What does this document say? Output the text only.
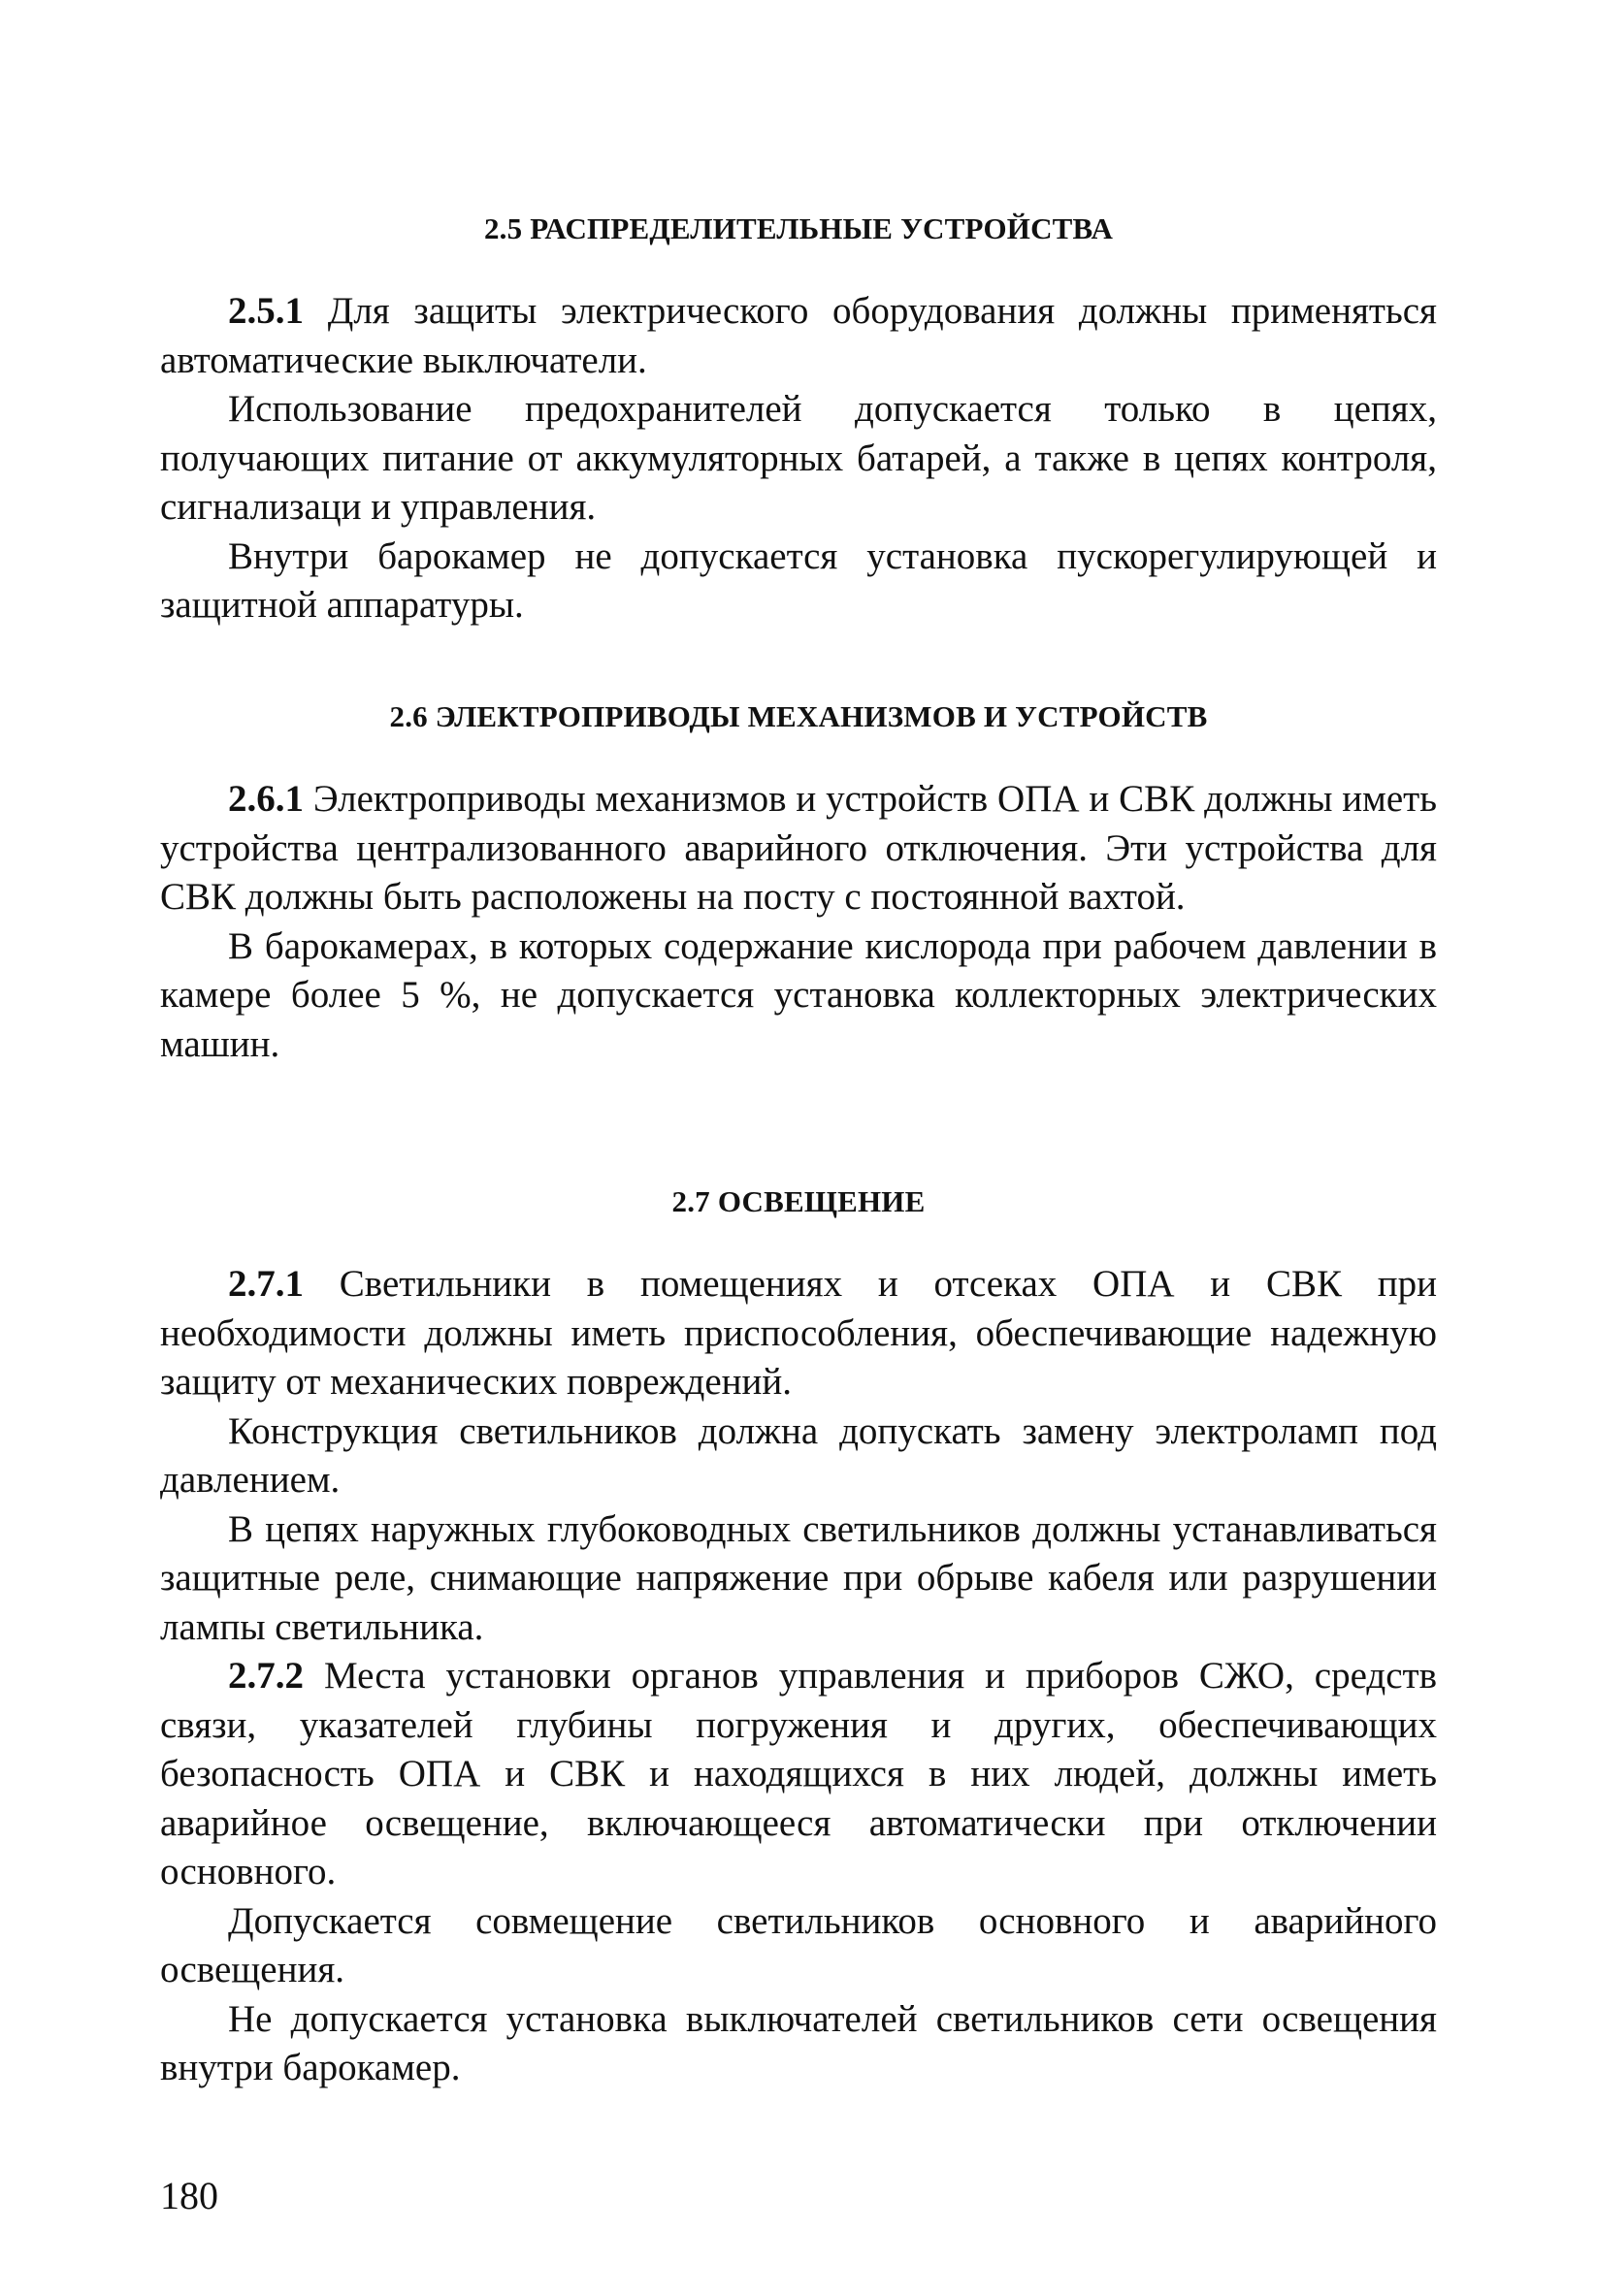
2.5 РАСПРЕДЕЛИТЕЛЬНЫЕ УСТРОЙСТВА

2.5.1 Для защиты электрического оборудования должны применяться автоматические выключатели.

Использование предохранителей допускается только в цепях, получающих питание от аккумуляторных батарей, а также в цепях контроля, сигнализаци и управления.

Внутри барокамер не допускается установка пускорегулирующей и защитной аппаратуры.

2.6 ЭЛЕКТРОПРИВОДЫ МЕХАНИЗМОВ И УСТРОЙСТВ

2.6.1 Электроприводы механизмов и устройств ОПА и СВК должны иметь устройства централизованного аварийного отключения. Эти устройства для СВК должны быть расположены на посту с постоянной вахтой.

В барокамерах, в которых содержание кислорода при рабочем давлении в камере более 5 %, не допускается установка коллекторных электрических машин.

2.7 ОСВЕЩЕНИЕ

2.7.1 Светильники в помещениях и отсеках ОПА и СВК при необходимости должны иметь приспособления, обеспечивающие надежную защиту от механических повреждений.

Конструкция светильников должна допускать замену электроламп под давлением.

В цепях наружных глубоководных светильников должны устанавливаться защитные реле, снимающие напряжение при обрыве кабеля или разрушении лампы светильника.

2.7.2 Места установки органов управления и приборов СЖО, средств связи, указателей глубины погружения и других, обеспечивающих безопасность ОПА и СВК и находящихся в них людей, должны иметь аварийное освещение, включающееся автоматически при отключении основного.

Допускается совмещение светильников основного и аварийного освещения.

Не допускается установка выключателей светильников сети освещения внутри барокамер.

180
